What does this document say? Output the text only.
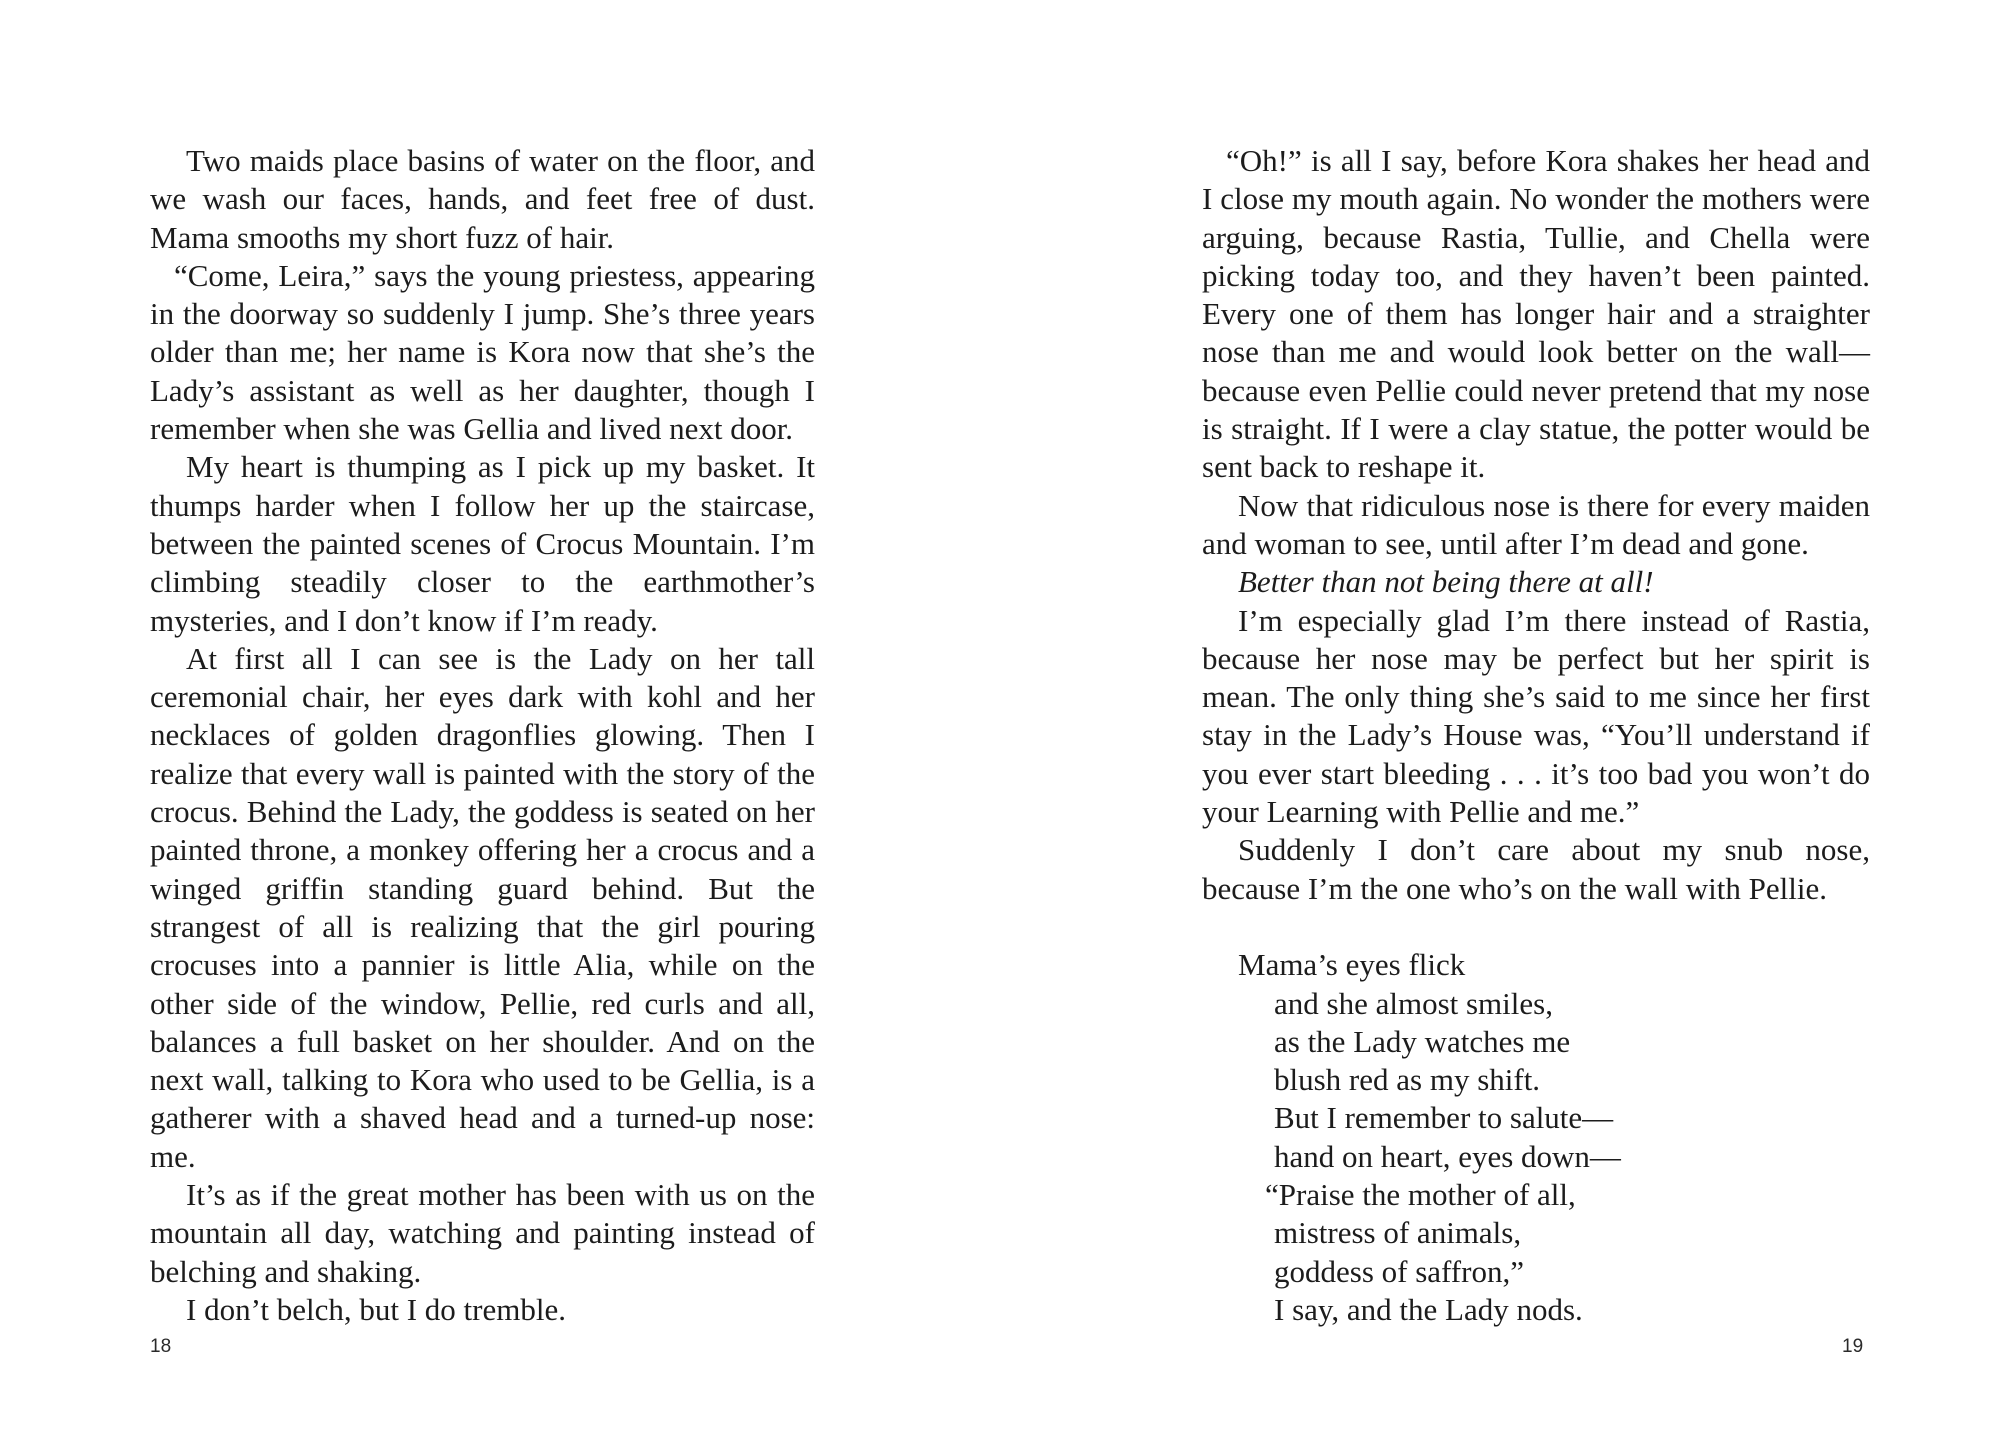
Two maids place basins of water on the floor, and we wash our faces, hands, and feet free of dust. Mama smooths my short fuzz of hair.

“Come, Leira,” says the young priestess, appearing in the doorway so suddenly I jump. She’s three years older than me; her name is Kora now that she’s the Lady’s assistant as well as her daughter, though I remember when she was Gellia and lived next door.

My heart is thumping as I pick up my basket. It thumps harder when I follow her up the staircase, between the painted scenes of Crocus Mountain. I’m climbing steadily closer to the earthmother’s mysteries, and I don’t know if I’m ready.

At first all I can see is the Lady on her tall ceremonial chair, her eyes dark with kohl and her necklaces of golden dragonflies glowing. Then I realize that every wall is painted with the story of the crocus. Behind the Lady, the goddess is seated on her painted throne, a monkey offering her a crocus and a winged griffin standing guard behind. But the strangest of all is realizing that the girl pouring crocuses into a pannier is little Alia, while on the other side of the window, Pellie, red curls and all, balances a full basket on her shoulder. And on the next wall, talking to Kora who used to be Gellia, is a gatherer with a shaved head and a turned-up nose: me.

It’s as if the great mother has been with us on the mountain all day, watching and painting instead of belching and shaking.

I don’t belch, but I do tremble.

“Oh!” is all I say, before Kora shakes her head and I close my mouth again. No wonder the mothers were arguing, because Rastia, Tullie, and Chella were picking today too, and they haven’t been painted. Every one of them has longer hair and a straighter nose than me and would look better on the wall—because even Pellie could never pretend that my nose is straight. If I were a clay statue, the potter would be sent back to reshape it.

Now that ridiculous nose is there for every maiden and woman to see, until after I’m dead and gone.

Better than not being there at all!

I’m especially glad I’m there instead of Rastia, because her nose may be perfect but her spirit is mean. The only thing she’s said to me since her first stay in the Lady’s House was, “You’ll understand if you ever start bleeding . . . it’s too bad you won’t do your Learning with Pellie and me.”

Suddenly I don’t care about my snub nose, because I’m the one who’s on the wall with Pellie.

Mama’s eyes flick

and she almost smiles,

as the Lady watches me

blush red as my shift.

But I remember to salute—

hand on heart, eyes down—

“Praise the mother of all,

mistress of animals,

goddess of saffron,”

I say, and the Lady nods.

18	19
